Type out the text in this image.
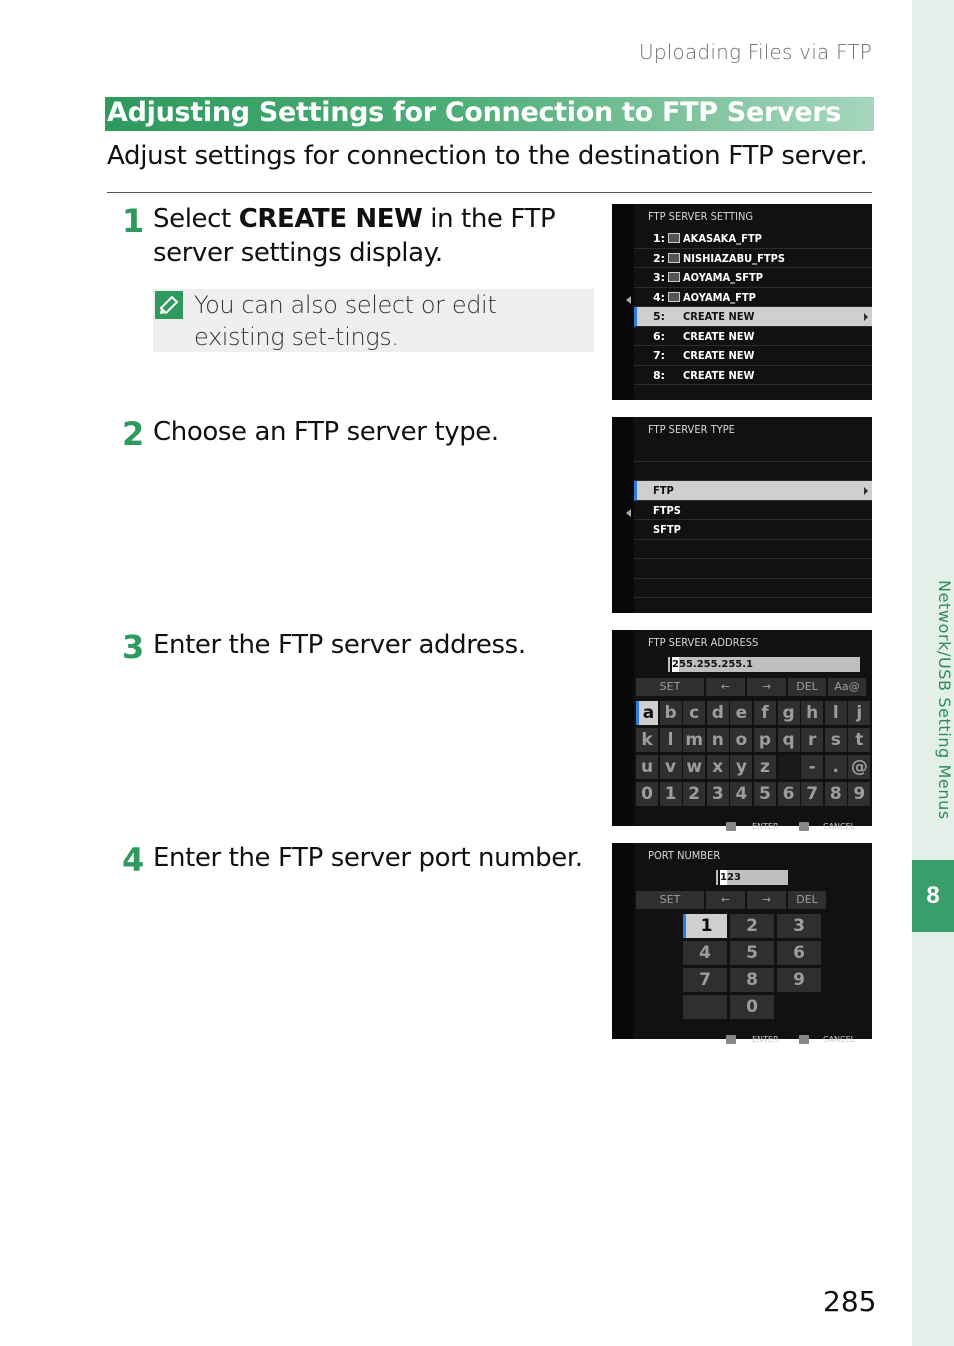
Uploading Files via FTP
Network/USB Setting Menus
8
Adjusting Settings for Connection to FTP Servers
Adjust settings for connection to the destination FTP server.
1 Select CREATE NEW in the FTP server settings display.
You can also select or edit existing set-tings.
2 Choose an FTP server type.
3 Enter the FTP server address.
4 Enter the FTP server port number.
FTP SERVER SETTING
1: AKASAKA_FTP
2: NISHIAZABU_FTPS
3: AOYAMA_SFTP
4: AOYAMA_FTP
5: CREATE NEW
6: CREATE NEW
7: CREATE NEW
8: CREATE NEW
FTP SERVER TYPE
FTP
FTPS
SFTP
FTP SERVER ADDRESS
255.255.255.1
SET	←	→	DEL	Aa@
a b c d e f g h l	j
k l m n o p q r s t
u v w x y z	- . @
0 1 2 3 4 5 6 7 8 9
ENTER	CANCEL
PORT NUMBER
123
SET	←	→	DEL
1	2	3
4	5	6
7	8	9
0
ENTER	CANCEL
285
